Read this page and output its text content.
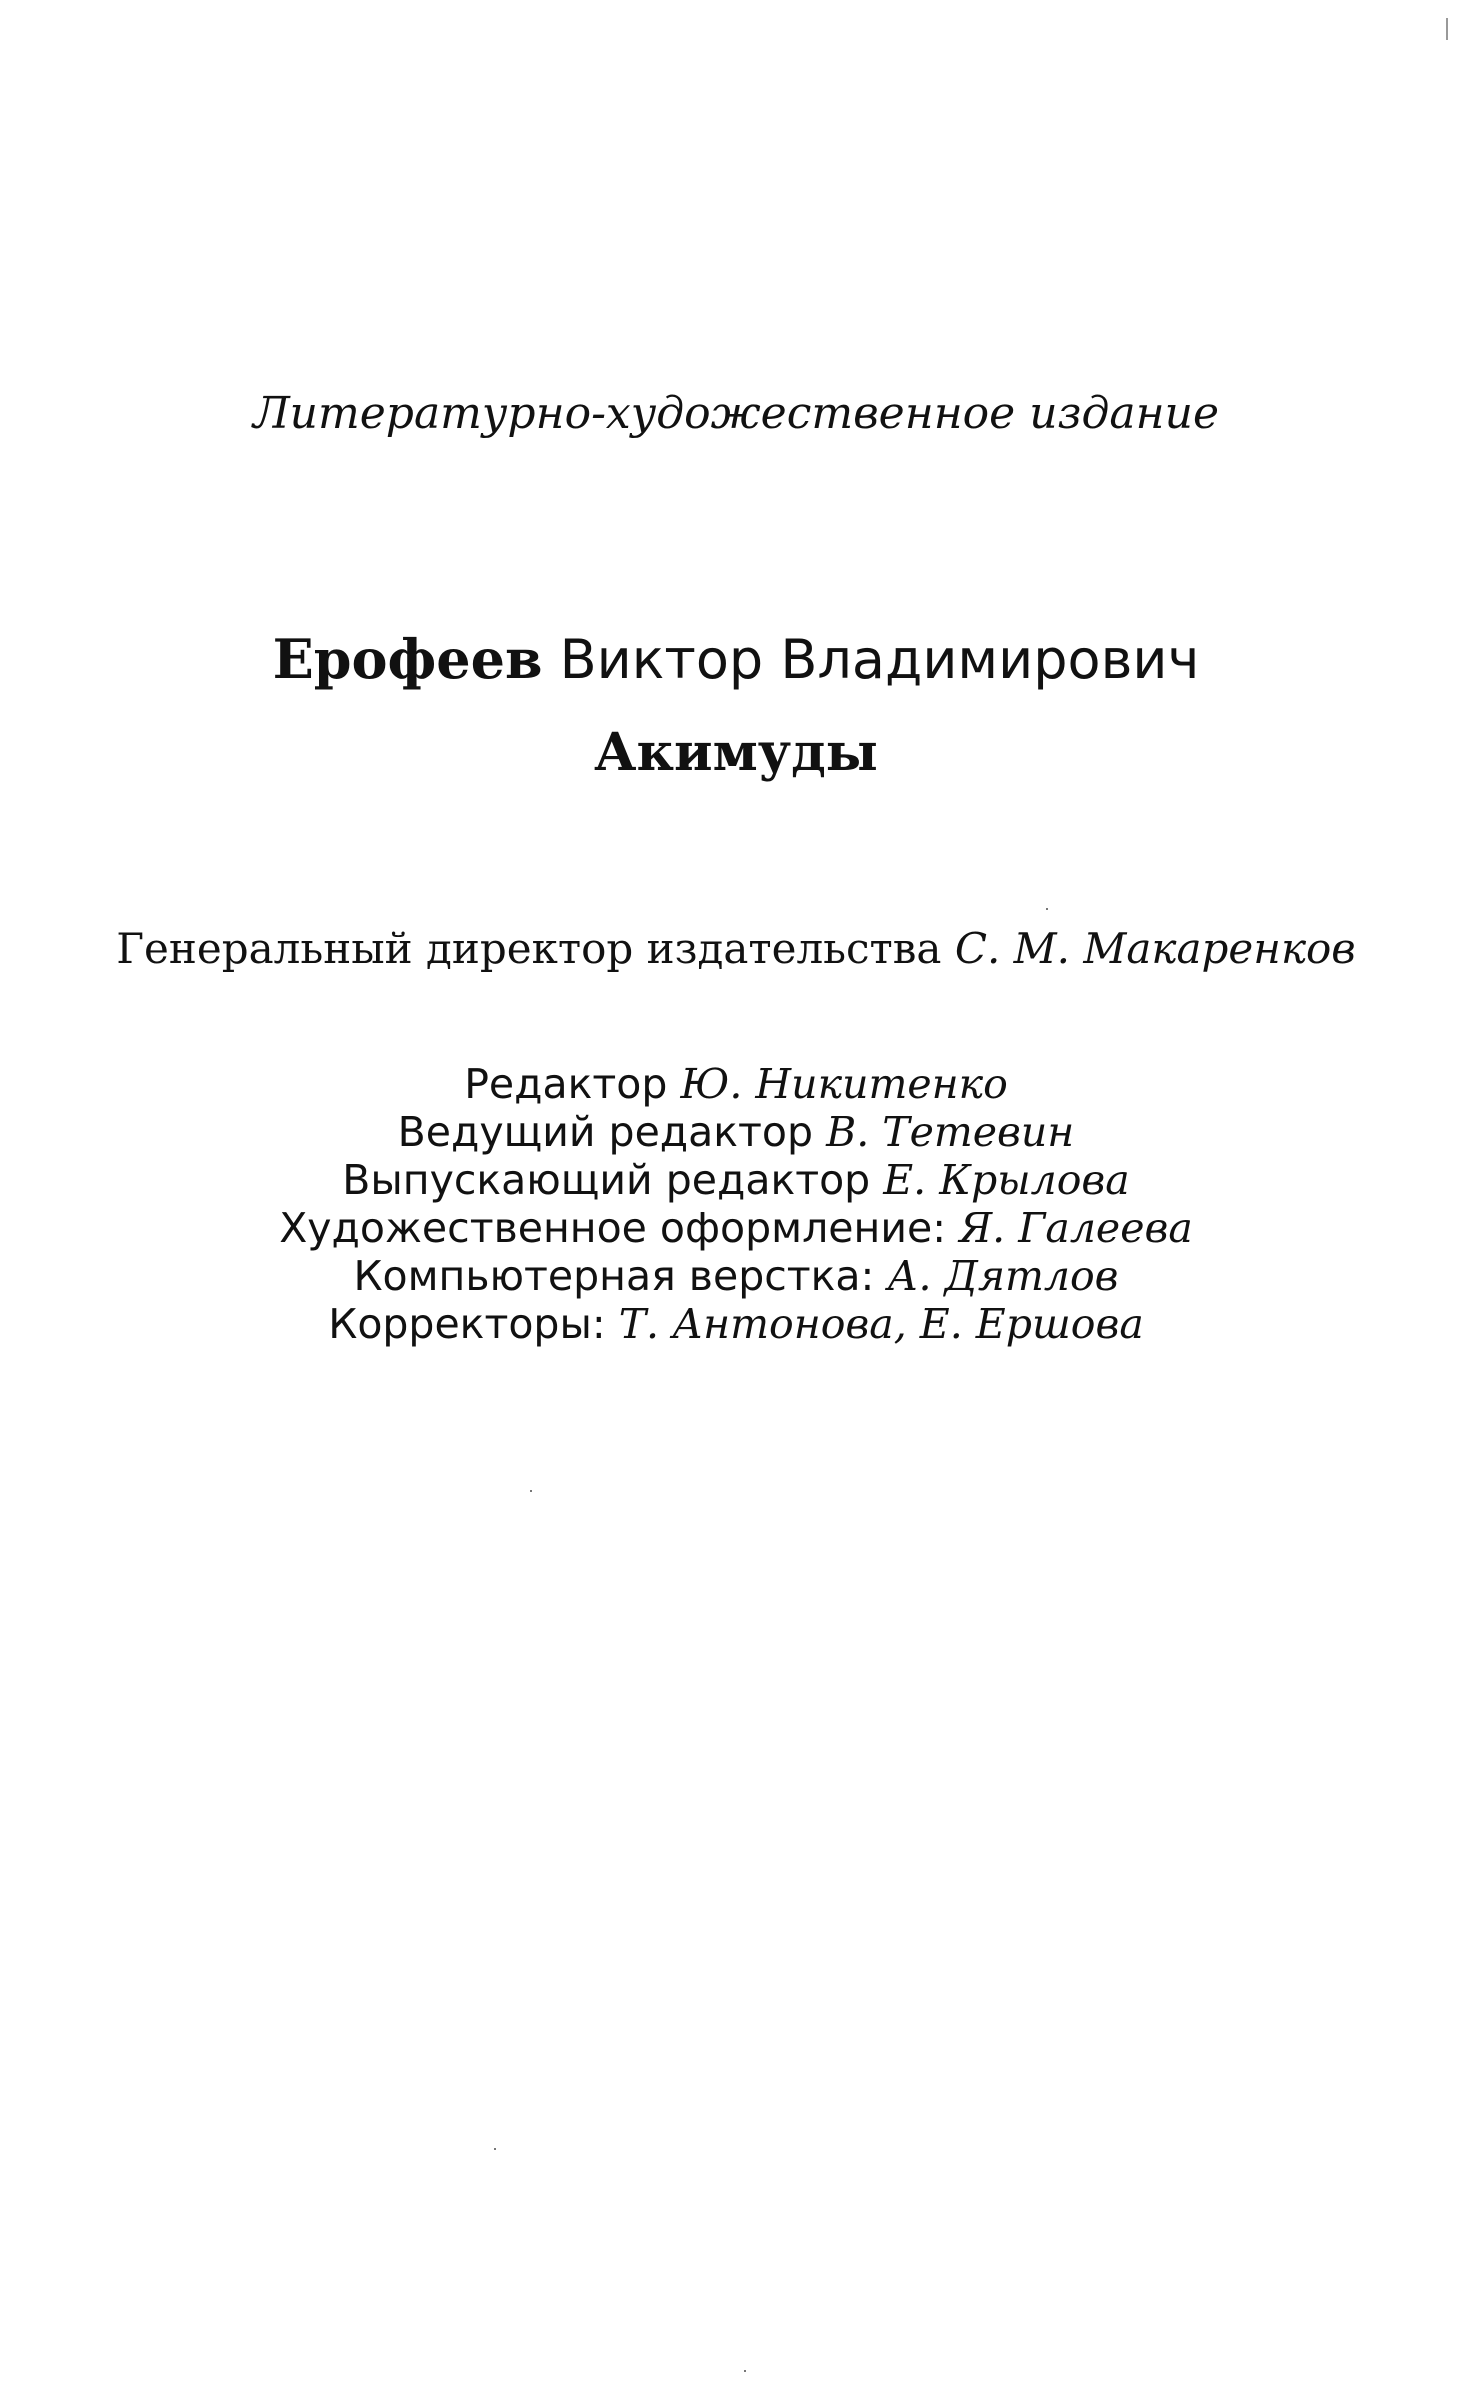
Литературно-художественное издание
Ерофеев Виктор Владимирович
Акимуды
Генеральный директор издательства С. М. Макаренков
Редактор Ю. Никитенко
Ведущий редактор В. Тетевин
Выпускающий редактор Е. Крылова
Художественное оформление: Я. Галеева
Компьютерная верстка: А. Дятлов
Корректоры: Т. Антонова, Е. Ершова
